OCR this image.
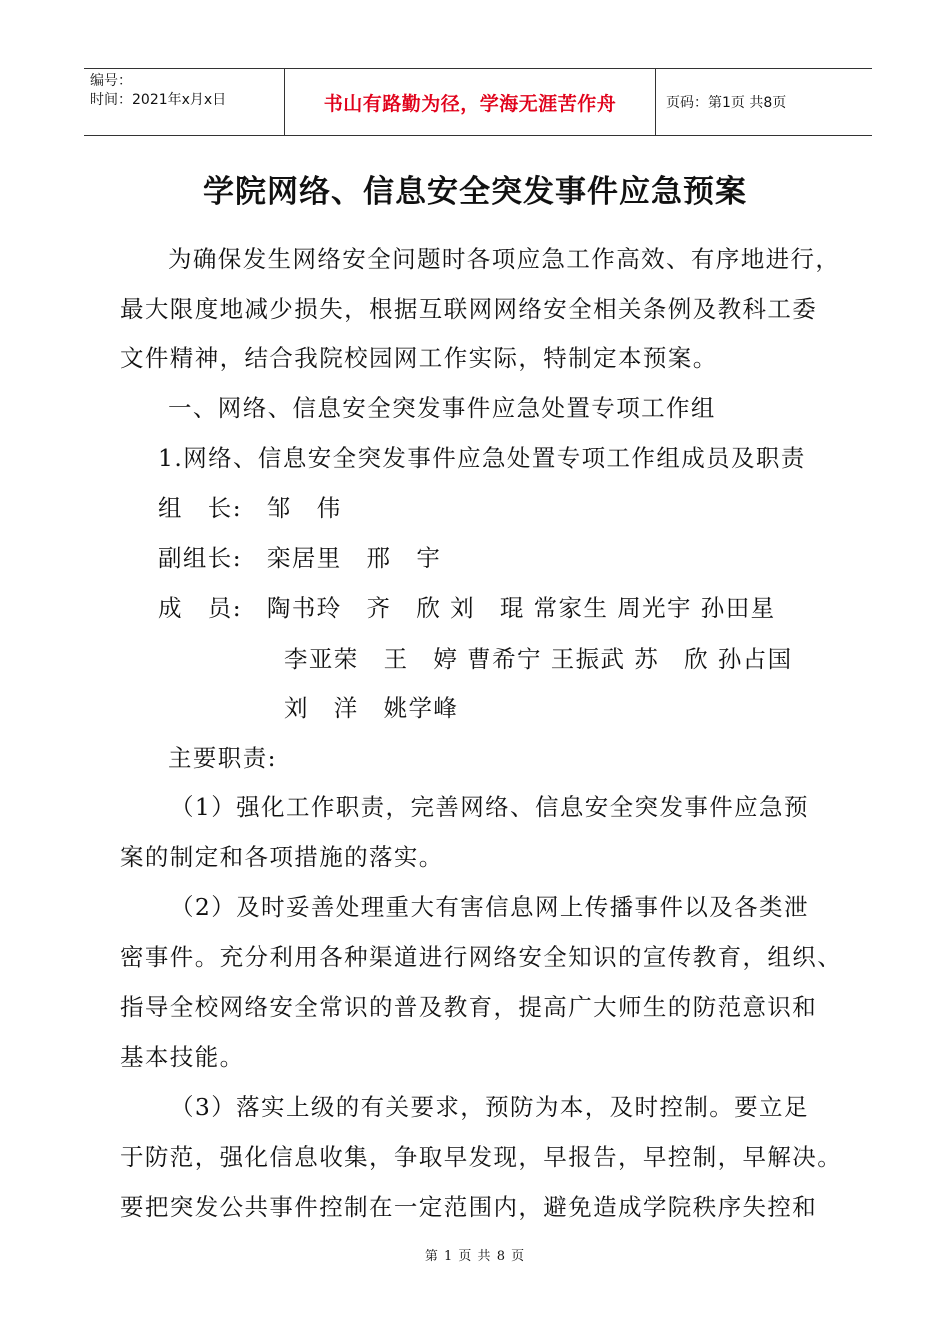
编号：
时间：2021年x月x日	书山有路勤为径，学海无涯苦作舟	页码：第1页 共8页
学院网络、信息安全突发事件应急预案
为确保发生网络安全问题时各项应急工作高效、有序地进行，
最大限度地减少损失，根据互联网网络安全相关条例及教科工委
文件精神，结合我院校园网工作实际，特制定本预案。
一、网络、信息安全突发事件应急处置专项工作组
1.网络、信息安全突发事件应急处置专项工作组成员及职责
组　长:　邹　伟
副组长:　栾居里　邢　宇
成　员:　陶书玲　齐　欣 刘　琨 常家生 周光宇 孙田星
李亚荣　王　婷 曹希宁 王振武 苏　欣 孙占国
刘　洋　姚学峰
主要职责:
（1）强化工作职责，完善网络、信息安全突发事件应急预
案的制定和各项措施的落实。
（2）及时妥善处理重大有害信息网上传播事件以及各类泄
密事件。充分利用各种渠道进行网络安全知识的宣传教育，组织、
指导全校网络安全常识的普及教育，提高广大师生的防范意识和
基本技能。
（3）落实上级的有关要求，预防为本，及时控制。要立足
于防范，强化信息收集，争取早发现，早报告，早控制，早解决。
要把突发公共事件控制在一定范围内，避免造成学院秩序失控和
第 1 页 共 8 页
